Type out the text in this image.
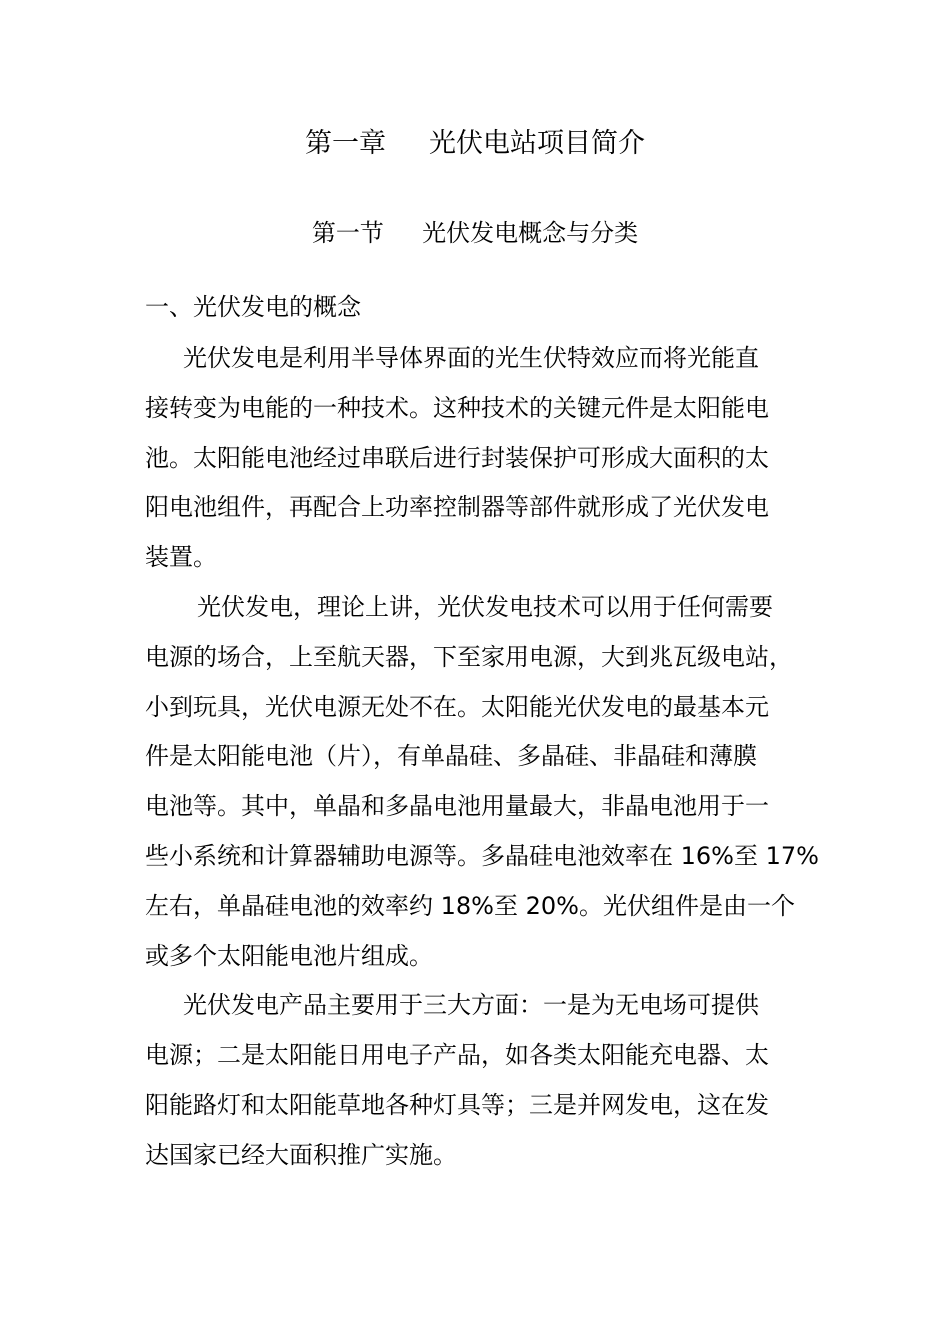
第一章     光伏电站项目简介
第一节     光伏发电概念与分类
一、光伏发电的概念

光伏发电是利用半导体界面的光生伏特效应而将光能直

接转变为电能的一种技术。这种技术的关键元件是太阳能电

池。太阳能电池经过串联后进行封装保护可形成大面积的太

阳电池组件，再配合上功率控制器等部件就形成了光伏发电

装置。

光伏发电，理论上讲，光伏发电技术可以用于任何需要

电源的场合，上至航天器，下至家用电源，大到兆瓦级电站，

小到玩具，光伏电源无处不在。太阳能光伏发电的最基本元

件是太阳能电池（片），有单晶硅、多晶硅、非晶硅和薄膜

电池等。其中，单晶和多晶电池用量最大，非晶电池用于一

些小系统和计算器辅助电源等。多晶硅电池效率在 16%至 17%

左右，单晶硅电池的效率约 18%至 20%。光伏组件是由一个

或多个太阳能电池片组成。

光伏发电产品主要用于三大方面：一是为无电场可提供

电源；二是太阳能日用电子产品，如各类太阳能充电器、太

阳能路灯和太阳能草地各种灯具等；三是并网发电，这在发

达国家已经大面积推广实施。
